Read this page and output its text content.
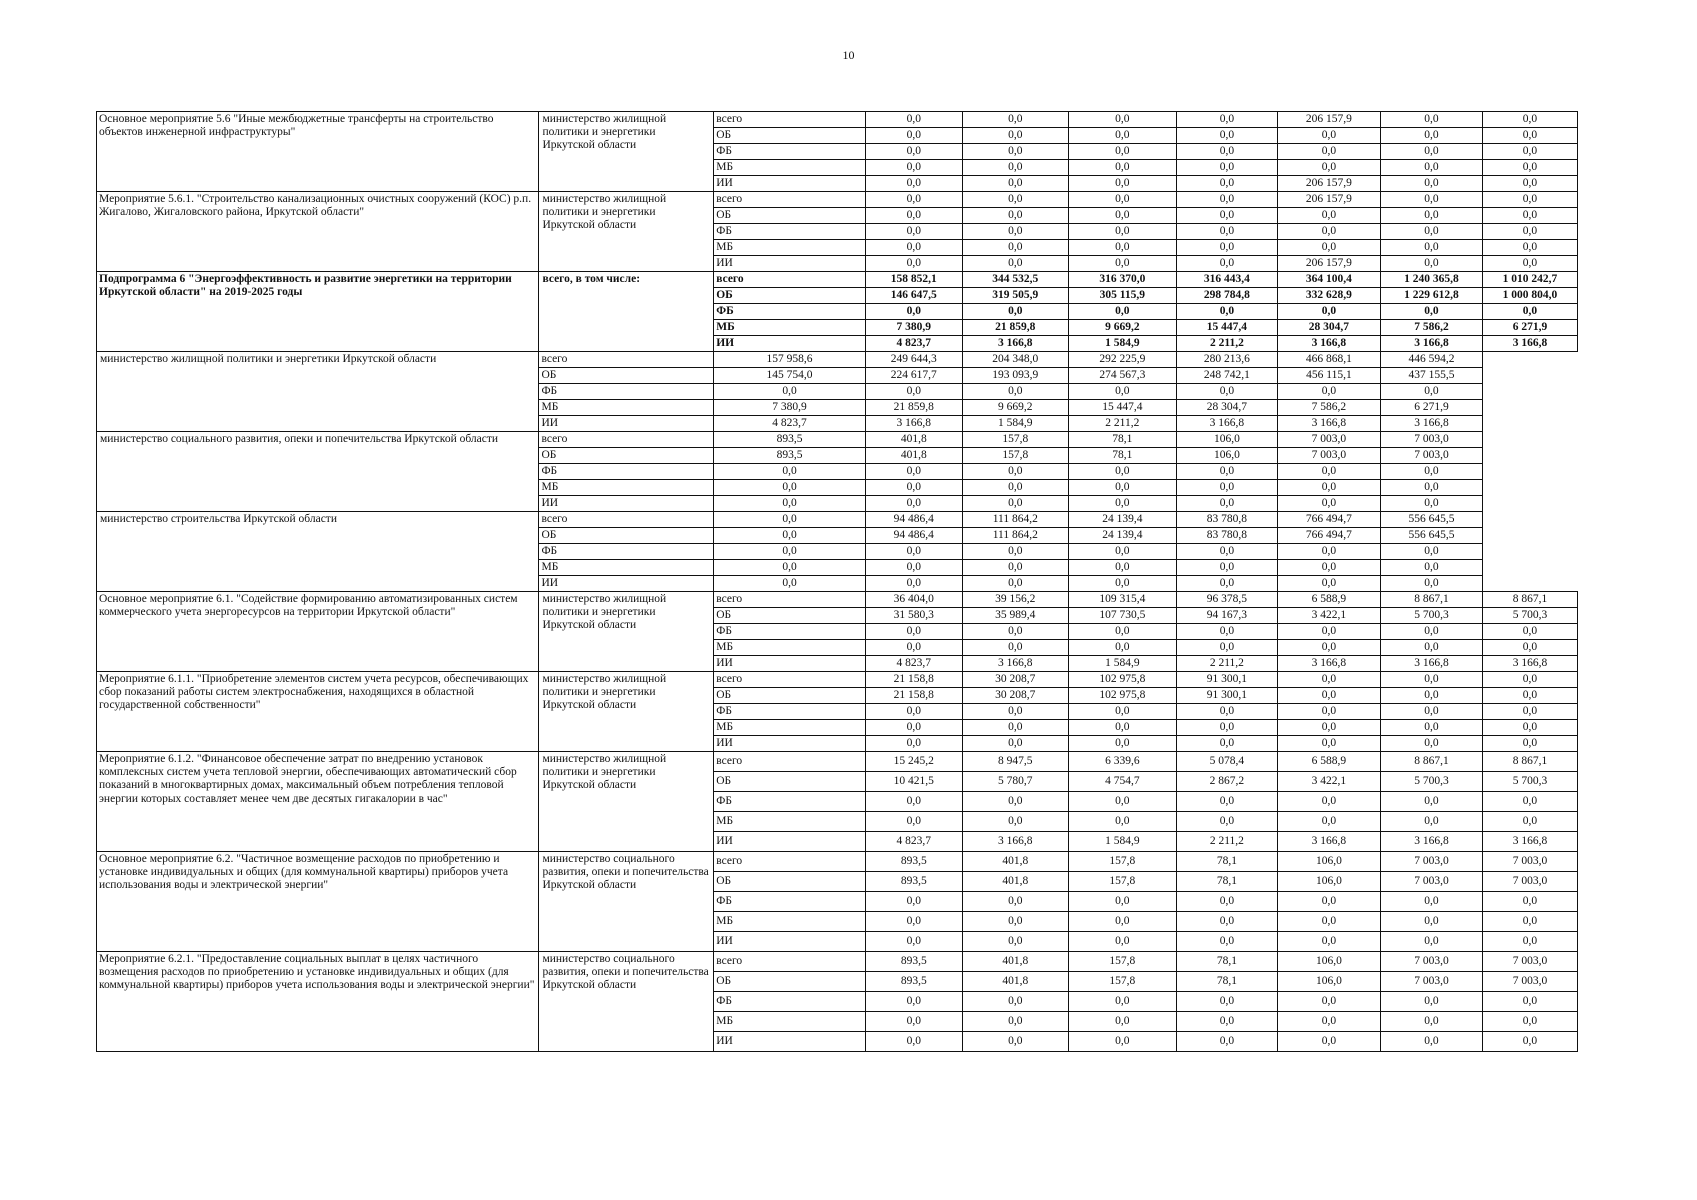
10
Основное мероприятие 5.6 "Иные межбюджетные трансферты на строительство объектов инженерной инфраструктуры"	министерство жилищной политики и энергетики Иркутской области	всего	0,0	0,0	0,0	0,0	206 157,9	0,0	0,0
		ОБ	0,0	0,0	0,0	0,0	0,0	0,0	0,0
		ФБ	0,0	0,0	0,0	0,0	0,0	0,0	0,0
		МБ	0,0	0,0	0,0	0,0	0,0	0,0	0,0
		ИИ	0,0	0,0	0,0	0,0	206 157,9	0,0	0,0
Мероприятие 5.6.1. "Строительство канализационных очистных сооружений (КОС) р.п. Жигалово, Жигаловского района, Иркутской области"	министерство жилищной политики и энергетики Иркутской области	всего	0,0	0,0	0,0	0,0	206 157,9	0,0	0,0
		ОБ	0,0	0,0	0,0	0,0	0,0	0,0	0,0
		ФБ	0,0	0,0	0,0	0,0	0,0	0,0	0,0
		МБ	0,0	0,0	0,0	0,0	0,0	0,0	0,0
		ИИ	0,0	0,0	0,0	0,0	206 157,9	0,0	0,0
Подпрограмма 6 "Энергоэффективность и развитие энергетики на территории Иркутской области" на 2019-2025 годы	всего, в том числе:	всего	158 852,1	344 532,5	316 370,0	316 443,4	364 100,4	1 240 365,8	1 010 242,7
		ОБ	146 647,5	319 505,9	305 115,9	298 784,8	332 628,9	1 229 612,8	1 000 804,0
		ФБ	0,0	0,0	0,0	0,0	0,0	0,0	0,0
		МБ	7 380,9	21 859,8	9 669,2	15 447,4	28 304,7	7 586,2	6 271,9
		ИИ	4 823,7	3 166,8	1 584,9	2 211,2	3 166,8	3 166,8	3 166,8
министерство жилищной политики и энергетики Иркутской области	всего	157 958,6	249 644,3	204 348,0	292 225,9	280 213,6	466 868,1	446 594,2	
	ОБ	145 754,0	224 617,7	193 093,9	274 567,3	248 742,1	456 115,1	437 155,5	
	ФБ	0,0	0,0	0,0	0,0	0,0	0,0	0,0	
	МБ	7 380,9	21 859,8	9 669,2	15 447,4	28 304,7	7 586,2	6 271,9	
	ИИ	4 823,7	3 166,8	1 584,9	2 211,2	3 166,8	3 166,8	3 166,8	
министерство социального развития, опеки и попечительства Иркутской области	всего	893,5	401,8	157,8	78,1	106,0	7 003,0	7 003,0	
	ОБ	893,5	401,8	157,8	78,1	106,0	7 003,0	7 003,0	
	ФБ	0,0	0,0	0,0	0,0	0,0	0,0	0,0	
	МБ	0,0	0,0	0,0	0,0	0,0	0,0	0,0	
	ИИ	0,0	0,0	0,0	0,0	0,0	0,0	0,0	
министерство строительства Иркутской области	всего	0,0	94 486,4	111 864,2	24 139,4	83 780,8	766 494,7	556 645,5	
	ОБ	0,0	94 486,4	111 864,2	24 139,4	83 780,8	766 494,7	556 645,5	
	ФБ	0,0	0,0	0,0	0,0	0,0	0,0	0,0	
	МБ	0,0	0,0	0,0	0,0	0,0	0,0	0,0	
	ИИ	0,0	0,0	0,0	0,0	0,0	0,0	0,0	
Основное мероприятие 6.1. "Содействие формированию автоматизированных систем коммерческого учета энергоресурсов на территории Иркутской области"	министерство жилищной политики и энергетики Иркутской области	всего	36 404,0	39 156,2	109 315,4	96 378,5	6 588,9	8 867,1	8 867,1
		ОБ	31 580,3	35 989,4	107 730,5	94 167,3	3 422,1	5 700,3	5 700,3
		ФБ	0,0	0,0	0,0	0,0	0,0	0,0	0,0
		МБ	0,0	0,0	0,0	0,0	0,0	0,0	0,0
		ИИ	4 823,7	3 166,8	1 584,9	2 211,2	3 166,8	3 166,8	3 166,8
Мероприятие 6.1.1. "Приобретение элементов систем учета ресурсов, обеспечивающих сбор показаний работы систем электроснабжения, находящихся в областной государственной собственности"	министерство жилищной политики и энергетики Иркутской области	всего	21 158,8	30 208,7	102 975,8	91 300,1	0,0	0,0	0,0
		ОБ	21 158,8	30 208,7	102 975,8	91 300,1	0,0	0,0	0,0
		ФБ	0,0	0,0	0,0	0,0	0,0	0,0	0,0
		МБ	0,0	0,0	0,0	0,0	0,0	0,0	0,0
		ИИ	0,0	0,0	0,0	0,0	0,0	0,0	0,0
Мероприятие 6.1.2. "Финансовое обеспечение затрат по внедрению установок комплексных систем учета тепловой энергии, обеспечивающих автоматический сбор показаний в многоквартирных домах, максимальный объем потребления тепловой энергии которых составляет менее чем две десятых гигакалории в час"	министерство жилищной политики и энергетики Иркутской области	всего	15 245,2	8 947,5	6 339,6	5 078,4	6 588,9	8 867,1	8 867,1
		ОБ	10 421,5	5 780,7	4 754,7	2 867,2	3 422,1	5 700,3	5 700,3
		ФБ	0,0	0,0	0,0	0,0	0,0	0,0	0,0
		МБ	0,0	0,0	0,0	0,0	0,0	0,0	0,0
		ИИ	4 823,7	3 166,8	1 584,9	2 211,2	3 166,8	3 166,8	3 166,8
Основное мероприятие 6.2. "Частичное возмещение расходов по приобретению и установке индивидуальных и общих (для коммунальной квартиры) приборов учета использования воды и электрической энергии"	министерство социального развития, опеки и попечительства Иркутской области	всего	893,5	401,8	157,8	78,1	106,0	7 003,0	7 003,0
		ОБ	893,5	401,8	157,8	78,1	106,0	7 003,0	7 003,0
		ФБ	0,0	0,0	0,0	0,0	0,0	0,0	0,0
		МБ	0,0	0,0	0,0	0,0	0,0	0,0	0,0
		ИИ	0,0	0,0	0,0	0,0	0,0	0,0	0,0
Мероприятие 6.2.1. "Предоставление социальных выплат в целях частичного возмещения расходов по приобретению и установке индивидуальных и общих (для коммунальной квартиры) приборов учета использования воды и электрической энергии"	министерство социального развития, опеки и попечительства Иркутской области	всего	893,5	401,8	157,8	78,1	106,0	7 003,0	7 003,0
		ОБ	893,5	401,8	157,8	78,1	106,0	7 003,0	7 003,0
		ФБ	0,0	0,0	0,0	0,0	0,0	0,0	0,0
		МБ	0,0	0,0	0,0	0,0	0,0	0,0	0,0
		ИИ	0,0	0,0	0,0	0,0	0,0	0,0	0,0
